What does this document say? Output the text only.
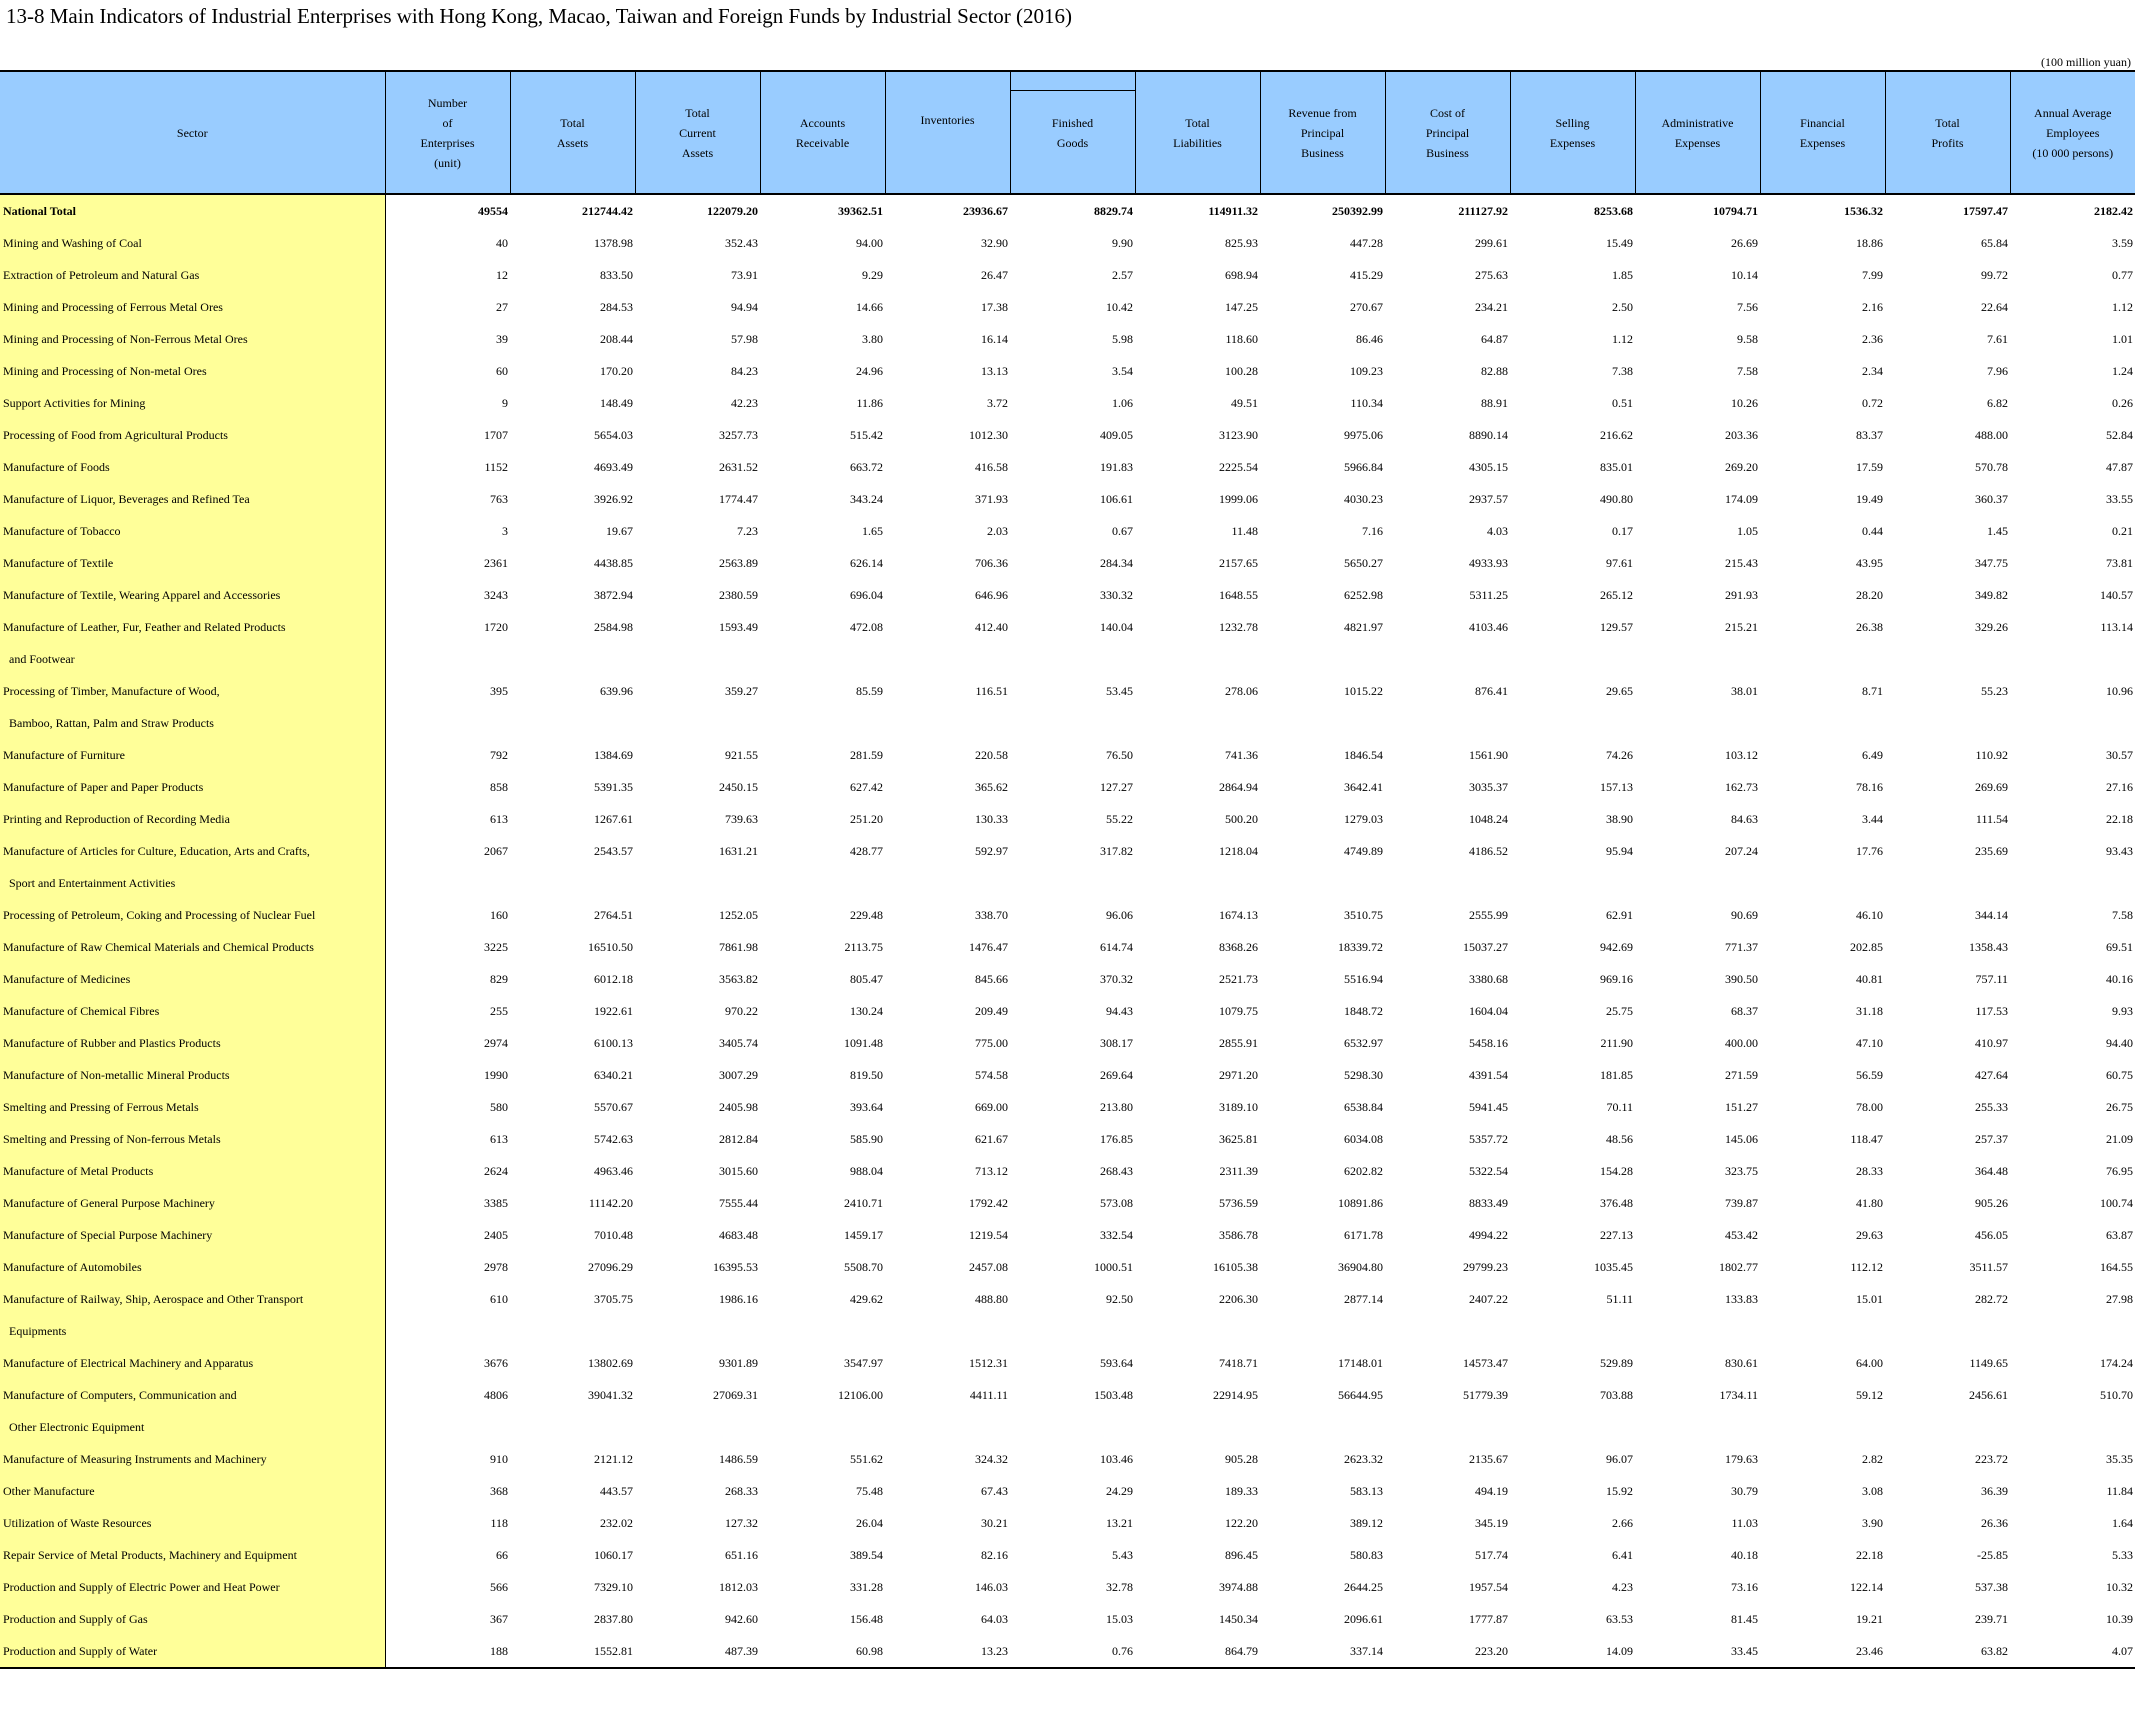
13-8 Main Indicators of Industrial Enterprises with Hong Kong, Macao, Taiwan and Foreign Funds by Industrial Sector (2016)
(100 million yuan)
Sector	Number
of
Enterprises
(unit)	Total
Assets	Total
Current
Assets	Accounts
Receivable	Inventories	Finished
Goods	Total
Liabilities	Revenue from
Principal
Business	Cost of
Principal
Business	Selling
Expenses	Administrative
Expenses	Financial
Expenses	Total
Profits	Annual Average
Employees
(10 000 persons)

National Total	49554	212744.42	122079.20	39362.51	23936.67	8829.74	114911.32	250392.99	211127.92	8253.68	10794.71	1536.32	17597.47	2182.42

Mining and Washing of Coal	40	1378.98	352.43	94.00	32.90	9.90	825.93	447.28	299.61	15.49	26.69	18.86	65.84	3.59

Extraction of Petroleum and Natural Gas	12	833.50	73.91	9.29	26.47	2.57	698.94	415.29	275.63	1.85	10.14	7.99	99.72	0.77

Mining and Processing of Ferrous Metal Ores	27	284.53	94.94	14.66	17.38	10.42	147.25	270.67	234.21	2.50	7.56	2.16	22.64	1.12

Mining and Processing of Non-Ferrous Metal Ores	39	208.44	57.98	3.80	16.14	5.98	118.60	86.46	64.87	1.12	9.58	2.36	7.61	1.01

Mining and Processing of Non-metal Ores	60	170.20	84.23	24.96	13.13	3.54	100.28	109.23	82.88	7.38	7.58	2.34	7.96	1.24

Support Activities for Mining	9	148.49	42.23	11.86	3.72	1.06	49.51	110.34	88.91	0.51	10.26	0.72	6.82	0.26

Processing of Food from Agricultural Products	1707	5654.03	3257.73	515.42	1012.30	409.05	3123.90	9975.06	8890.14	216.62	203.36	83.37	488.00	52.84

Manufacture of Foods	1152	4693.49	2631.52	663.72	416.58	191.83	2225.54	5966.84	4305.15	835.01	269.20	17.59	570.78	47.87

Manufacture of Liquor, Beverages and Refined Tea	763	3926.92	1774.47	343.24	371.93	106.61	1999.06	4030.23	2937.57	490.80	174.09	19.49	360.37	33.55

Manufacture of Tobacco	3	19.67	7.23	1.65	2.03	0.67	11.48	7.16	4.03	0.17	1.05	0.44	1.45	0.21

Manufacture of Textile	2361	4438.85	2563.89	626.14	706.36	284.34	2157.65	5650.27	4933.93	97.61	215.43	43.95	347.75	73.81

Manufacture of Textile, Wearing Apparel and Accessories	3243	3872.94	2380.59	696.04	646.96	330.32	1648.55	6252.98	5311.25	265.12	291.93	28.20	349.82	140.57

Manufacture of Leather, Fur, Feather and Related Products
and Footwear	1720	2584.98	1593.49	472.08	412.40	140.04	1232.78	4821.97	4103.46	129.57	215.21	26.38	329.26	113.14

Processing of Timber, Manufacture of Wood,
Bamboo, Rattan, Palm and Straw Products	395	639.96	359.27	85.59	116.51	53.45	278.06	1015.22	876.41	29.65	38.01	8.71	55.23	10.96

Manufacture of Furniture	792	1384.69	921.55	281.59	220.58	76.50	741.36	1846.54	1561.90	74.26	103.12	6.49	110.92	30.57

Manufacture of Paper and Paper Products	858	5391.35	2450.15	627.42	365.62	127.27	2864.94	3642.41	3035.37	157.13	162.73	78.16	269.69	27.16

Printing and Reproduction of Recording Media	613	1267.61	739.63	251.20	130.33	55.22	500.20	1279.03	1048.24	38.90	84.63	3.44	111.54	22.18

Manufacture of Articles for Culture, Education, Arts and Crafts,
Sport and Entertainment Activities	2067	2543.57	1631.21	428.77	592.97	317.82	1218.04	4749.89	4186.52	95.94	207.24	17.76	235.69	93.43

Processing of Petroleum, Coking and Processing of Nuclear Fuel	160	2764.51	1252.05	229.48	338.70	96.06	1674.13	3510.75	2555.99	62.91	90.69	46.10	344.14	7.58

Manufacture of Raw Chemical Materials and Chemical Products	3225	16510.50	7861.98	2113.75	1476.47	614.74	8368.26	18339.72	15037.27	942.69	771.37	202.85	1358.43	69.51

Manufacture of Medicines	829	6012.18	3563.82	805.47	845.66	370.32	2521.73	5516.94	3380.68	969.16	390.50	40.81	757.11	40.16

Manufacture of Chemical Fibres	255	1922.61	970.22	130.24	209.49	94.43	1079.75	1848.72	1604.04	25.75	68.37	31.18	117.53	9.93

Manufacture of Rubber and Plastics Products	2974	6100.13	3405.74	1091.48	775.00	308.17	2855.91	6532.97	5458.16	211.90	400.00	47.10	410.97	94.40

Manufacture of Non-metallic Mineral Products	1990	6340.21	3007.29	819.50	574.58	269.64	2971.20	5298.30	4391.54	181.85	271.59	56.59	427.64	60.75

Smelting and Pressing of Ferrous Metals	580	5570.67	2405.98	393.64	669.00	213.80	3189.10	6538.84	5941.45	70.11	151.27	78.00	255.33	26.75

Smelting and Pressing of Non-ferrous Metals	613	5742.63	2812.84	585.90	621.67	176.85	3625.81	6034.08	5357.72	48.56	145.06	118.47	257.37	21.09

Manufacture of Metal Products	2624	4963.46	3015.60	988.04	713.12	268.43	2311.39	6202.82	5322.54	154.28	323.75	28.33	364.48	76.95

Manufacture of General Purpose Machinery	3385	11142.20	7555.44	2410.71	1792.42	573.08	5736.59	10891.86	8833.49	376.48	739.87	41.80	905.26	100.74

Manufacture of Special Purpose Machinery	2405	7010.48	4683.48	1459.17	1219.54	332.54	3586.78	6171.78	4994.22	227.13	453.42	29.63	456.05	63.87

Manufacture of Automobiles	2978	27096.29	16395.53	5508.70	2457.08	1000.51	16105.38	36904.80	29799.23	1035.45	1802.77	112.12	3511.57	164.55

Manufacture of Railway, Ship, Aerospace and Other Transport
Equipments	610	3705.75	1986.16	429.62	488.80	92.50	2206.30	2877.14	2407.22	51.11	133.83	15.01	282.72	27.98

Manufacture of Electrical Machinery and Apparatus	3676	13802.69	9301.89	3547.97	1512.31	593.64	7418.71	17148.01	14573.47	529.89	830.61	64.00	1149.65	174.24

Manufacture of Computers, Communication and
Other Electronic Equipment	4806	39041.32	27069.31	12106.00	4411.11	1503.48	22914.95	56644.95	51779.39	703.88	1734.11	59.12	2456.61	510.70

Manufacture of Measuring Instruments and Machinery	910	2121.12	1486.59	551.62	324.32	103.46	905.28	2623.32	2135.67	96.07	179.63	2.82	223.72	35.35

Other Manufacture	368	443.57	268.33	75.48	67.43	24.29	189.33	583.13	494.19	15.92	30.79	3.08	36.39	11.84

Utilization of Waste Resources	118	232.02	127.32	26.04	30.21	13.21	122.20	389.12	345.19	2.66	11.03	3.90	26.36	1.64

Repair Service of Metal Products, Machinery and Equipment	66	1060.17	651.16	389.54	82.16	5.43	896.45	580.83	517.74	6.41	40.18	22.18	-25.85	5.33

Production and Supply of Electric Power and Heat Power	566	7329.10	1812.03	331.28	146.03	32.78	3974.88	2644.25	1957.54	4.23	73.16	122.14	537.38	10.32

Production and Supply of Gas	367	2837.80	942.60	156.48	64.03	15.03	1450.34	2096.61	1777.87	63.53	81.45	19.21	239.71	10.39

Production and Supply of Water	188	1552.81	487.39	60.98	13.23	0.76	864.79	337.14	223.20	14.09	33.45	23.46	63.82	4.07
